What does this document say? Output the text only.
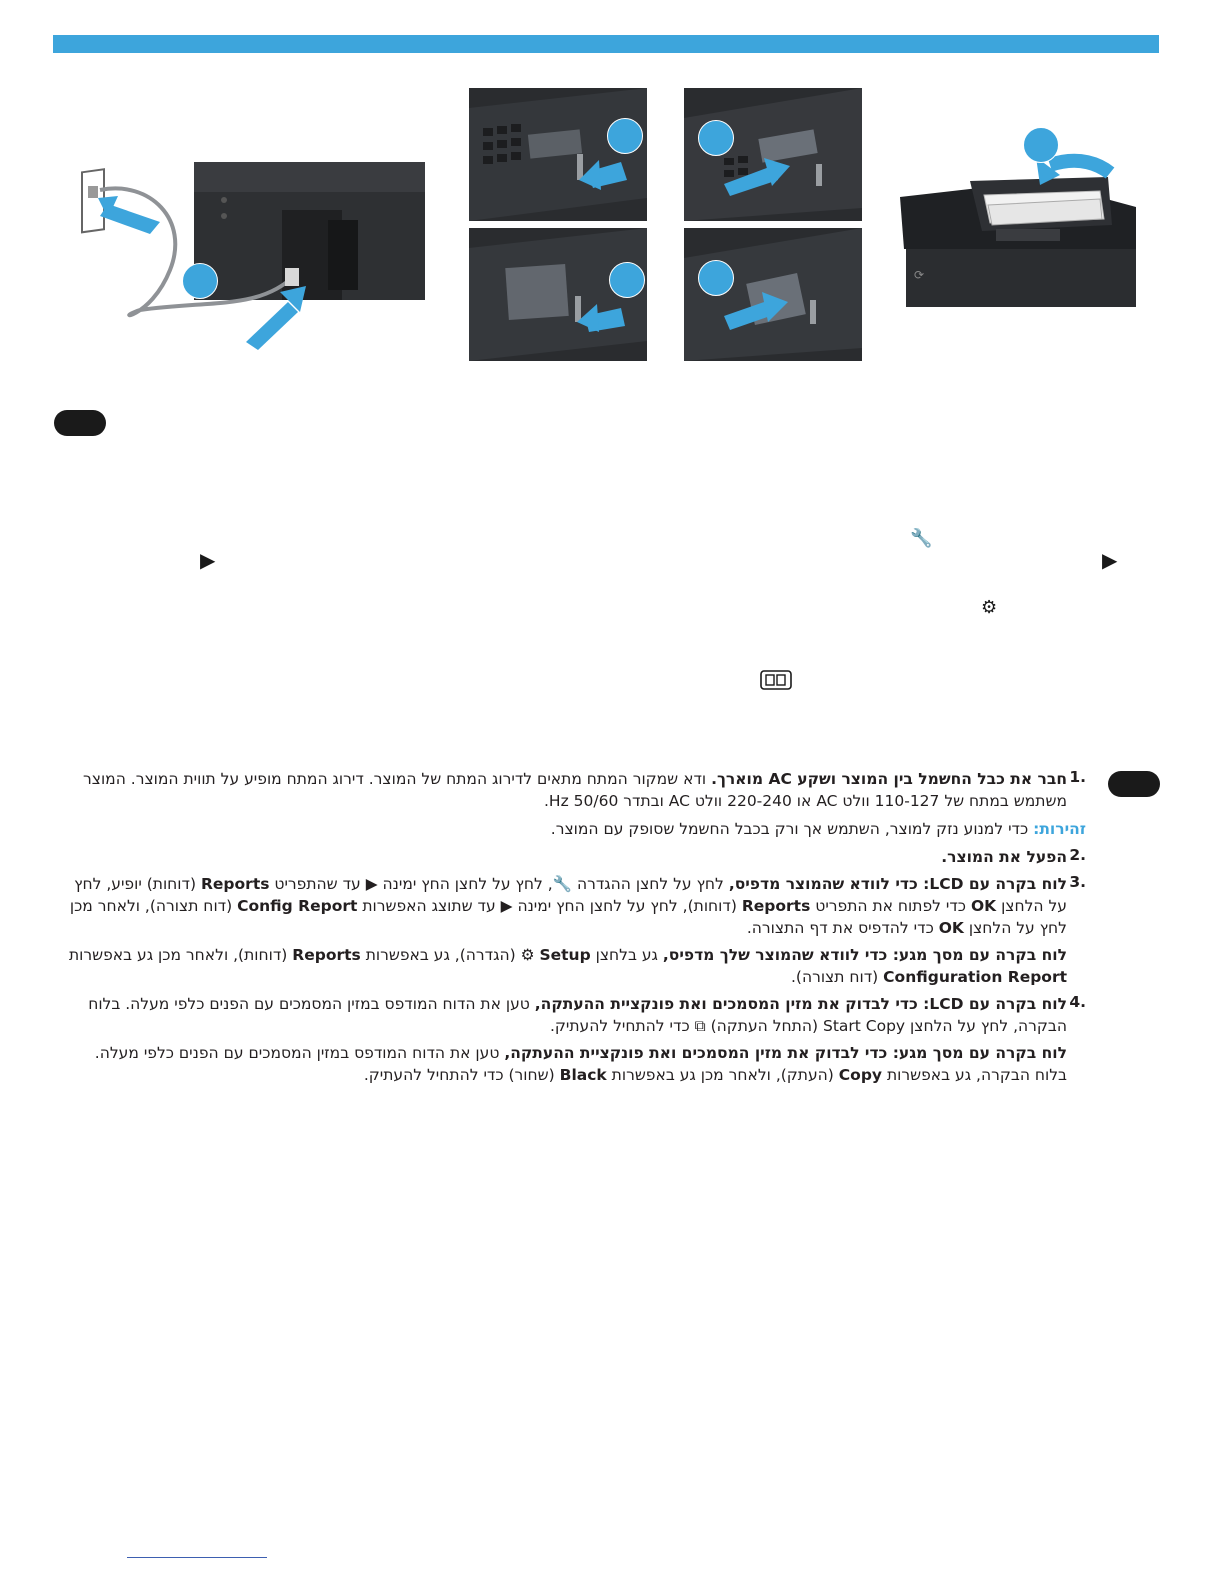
⟳
▶	▶
🔧
⚙
1.
חבר את כבל החשמל בין המוצר ושקע AC מוארך. ודא שמקור המתח מתאים לדירוג המתח של המוצר. דירוג המתח מופיע על תווית המוצר. המוצר משתמש במתח של 110-127 וולט AC או 220-240 וולט AC ובתדר 50/60 Hz.
זהירות: כדי למנוע נזק למוצר, השתמש אך ורק בכבל החשמל שסופק עם המוצר.
2.
הפעל את המוצר.
3.
לוח בקרה עם LCD: כדי לוודא שהמוצר מדפיס, לחץ על לחצן ההגדרה 🔧, לחץ על לחצן החץ ימינה ▶ עד שהתפריט Reports (דוחות) יופיע, לחץ על הלחצן OK כדי לפתוח את התפריט Reports (דוחות), לחץ על לחצן החץ ימינה ▶ עד שתוצג האפשרות Config Report (דוח תצורה), ולאחר מכן לחץ על הלחצן OK כדי להדפיס את דף התצורה.
לוח בקרה עם מסך מגע: כדי לוודא שהמוצר שלך מדפיס, גע בלחצן Setup ⚙ (הגדרה), גע באפשרות Reports (דוחות), ולאחר מכן גע באפשרות Configuration Report (דוח תצורה).
4.
לוח בקרה עם LCD: כדי לבדוק את מזין המסמכים ואת פונקציית ההעתקה, טען את הדוח המודפס במזין המסמכים עם הפנים כלפי מעלה. בלוח הבקרה, לחץ על הלחצן Start Copy (התחל העתקה) ⧉ כדי להתחיל להעתיק.
לוח בקרה עם מסך מגע: כדי לבדוק את מזין המסמכים ואת פונקציית ההעתקה, טען את הדוח המודפס במזין המסמכים עם הפנים כלפי מעלה. בלוח הבקרה, גע באפשרות Copy (העתק), ולאחר מכן גע באפשרות Black (שחור) כדי להתחיל להעתיק.
